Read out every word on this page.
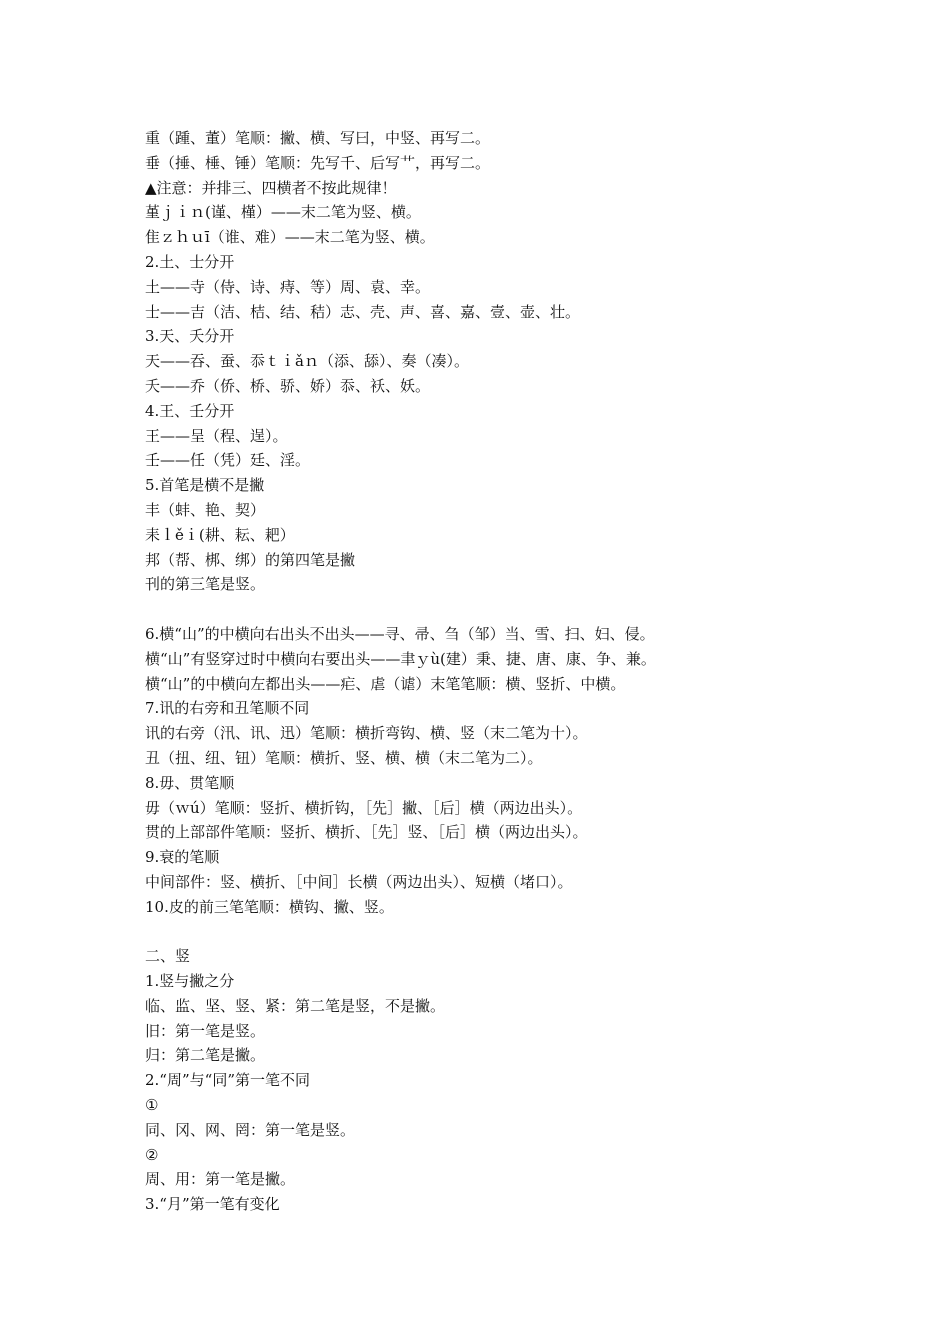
重（踵、董）笔顺：撇、横、写曰，中竖、再写二。
垂（捶、棰、锤）笔顺：先写千、后写艹，再写二。
▲注意：并排三、四横者不按此规律！
堇ｊｉｎ(谨、槿）——末二笔为竖、横。
隹ｚｈｕī（谁、难）——末二笔为竖、横。
2.土、士分开
土——寺（侍、诗、痔、等）周、袁、幸。
士——吉（洁、桔、结、秸）志、壳、声、喜、嘉、壹、壶、壮。
3.天、夭分开
天——吞、蚕、忝ｔｉǎｎ（添、舔）、奏（凑）。
夭——乔（侨、桥、骄、娇）忝、袄、妖。
4.王、壬分开
王——呈（程、逞）。
壬——任（凭）廷、淫。
5.首笔是横不是撇
丰（蚌、艳、契）
耒ｌěｉ(耕、耘、耙）
邦（帮、梆、绑）的第四笔是撇
刊的第三笔是竖。
6.横“山”的中横向右出头不出头——寻、帚、刍（邹）当、雪、扫、妇、侵。
横“山”有竖穿过时中横向右要出头——聿ｙù(建）秉、捷、唐、康、争、兼。
横“山”的中横向左都出头——疟、虐（谑）末笔笔顺：横、竖折、中横。
7.讯的右旁和丑笔顺不同
讯的右旁（汛、讯、迅）笔顺：横折弯钩、横、竖（末二笔为十）。
丑（扭、纽、钮）笔顺：横折、竖、横、横（末二笔为二）。
8.毋、贯笔顺
毋（ｗú）笔顺：竖折、横折钩，［先］撇、［后］横（两边出头）。
贯的上部部件笔顺：竖折、横折、［先］竖、［后］横（两边出头）。
9.衰的笔顺
中间部件：竖、横折、［中间］长横（两边出头）、短横（堵口）。
10.皮的前三笔笔顺：横钩、撇、竖。
二、竖
1.竖与撇之分
临、监、坚、竖、紧：第二笔是竖，不是撇。
旧：第一笔是竖。
归：第二笔是撇。
2.“周”与“同”第一笔不同
①
同、冈、网、罔：第一笔是竖。
②
周、用：第一笔是撇。
3.“月”第一笔有变化
